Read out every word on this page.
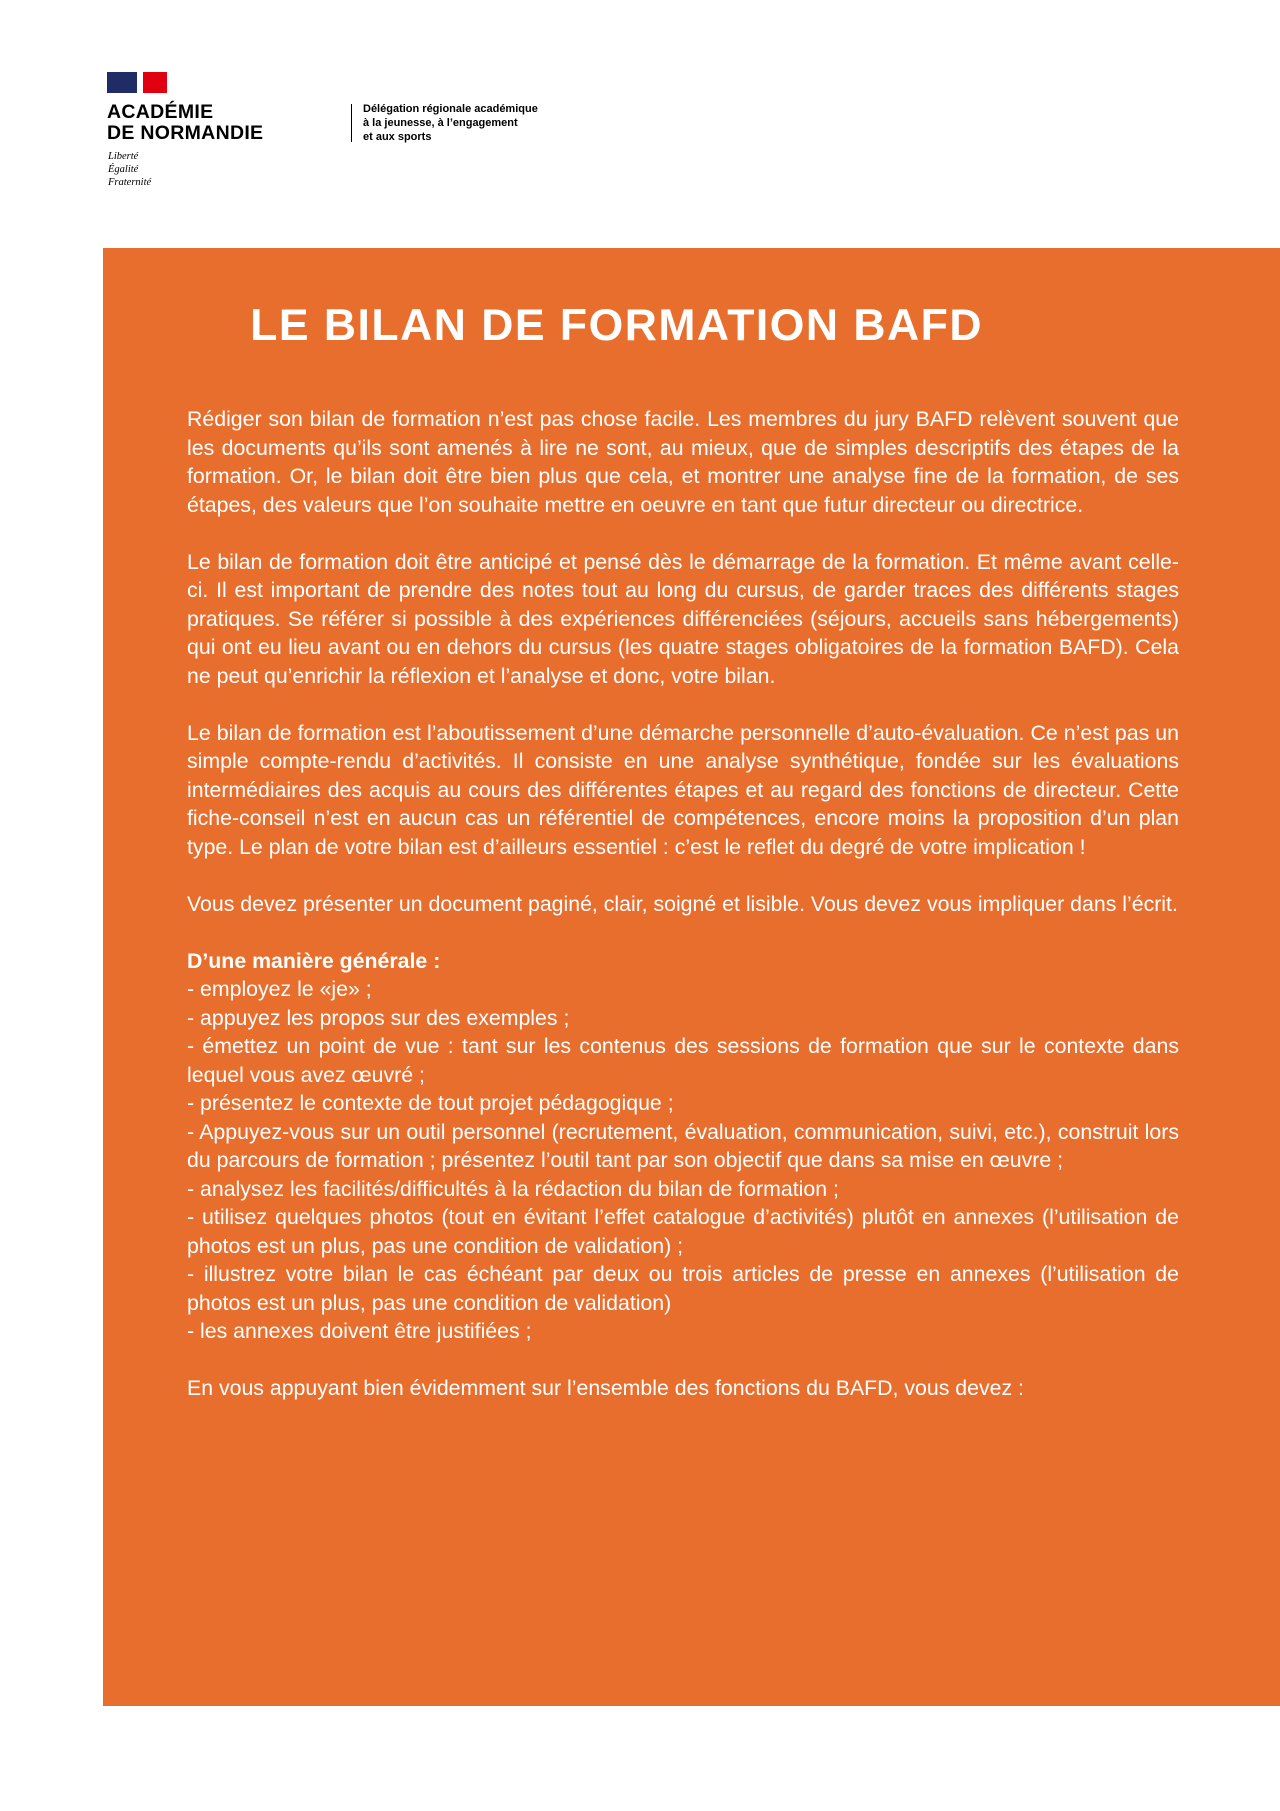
ACADÉMIE
DE NORMANDIE
Liberté
Égalité
Fraternité
Délégation régionale académique
à la jeunesse, à l’engagement
et aux sports
LE BILAN DE FORMATION BAFD

Rédiger son bilan de formation n’est pas chose facile. Les membres du jury BAFD relèvent souvent que les documents qu’ils sont amenés à lire ne sont, au mieux, que de simples descriptifs des étapes de la formation. Or, le bilan doit être bien plus que cela, et montrer une analyse fine de la formation, de ses étapes, des valeurs que l’on souhaite mettre en oeuvre en tant que futur directeur ou directrice.

Le bilan de formation doit être anticipé et pensé dès le démarrage de la formation. Et même avant celle-ci. Il est important de prendre des notes tout au long du cursus, de garder traces des différents stages pratiques. Se référer si possible à des expériences différenciées (séjours, accueils sans hébergements) qui ont eu lieu avant ou en dehors du cursus (les quatre stages obligatoires de la formation BAFD). Cela ne peut qu’enrichir la réflexion et l’analyse et donc, votre bilan.

Le bilan de formation est l’aboutissement d’une démarche personnelle d’auto-évaluation. Ce n’est pas un simple compte-rendu d’activités. Il consiste en une analyse synthétique, fondée sur les évaluations intermédiaires des acquis au cours des différentes étapes et au regard des fonctions de directeur. Cette fiche-conseil n’est en aucun cas un référentiel de compétences, encore moins la proposition d’un plan type. Le plan de votre bilan est d’ailleurs essentiel : c’est le reflet du degré de votre implication !

Vous devez présenter un document paginé, clair, soigné et lisible. Vous devez vous impliquer dans l’écrit.

D’une manière générale :
- employez le «je» ;
- appuyez les propos sur des exemples ;
- émettez un point de vue : tant sur les contenus des sessions de formation que sur le contexte dans lequel vous avez œuvré ;
- présentez le contexte de tout projet pédagogique ;
- Appuyez-vous sur un outil personnel (recrutement, évaluation, communication, suivi, etc.), construit lors du parcours de formation ; présentez l’outil tant par son objectif que dans sa mise en œuvre ;
- analysez les facilités/difficultés à la rédaction du bilan de formation ;
- utilisez quelques photos (tout en évitant l’effet catalogue d’activités) plutôt en annexes (l’utilisation de photos est un plus, pas une condition de validation) ;
- illustrez votre bilan le cas échéant par deux ou trois articles de presse en annexes (l’utilisation de photos est un plus, pas une condition de validation)
- les annexes doivent être justifiées ;

En vous appuyant bien évidemment sur l’ensemble des fonctions du BAFD, vous devez :
